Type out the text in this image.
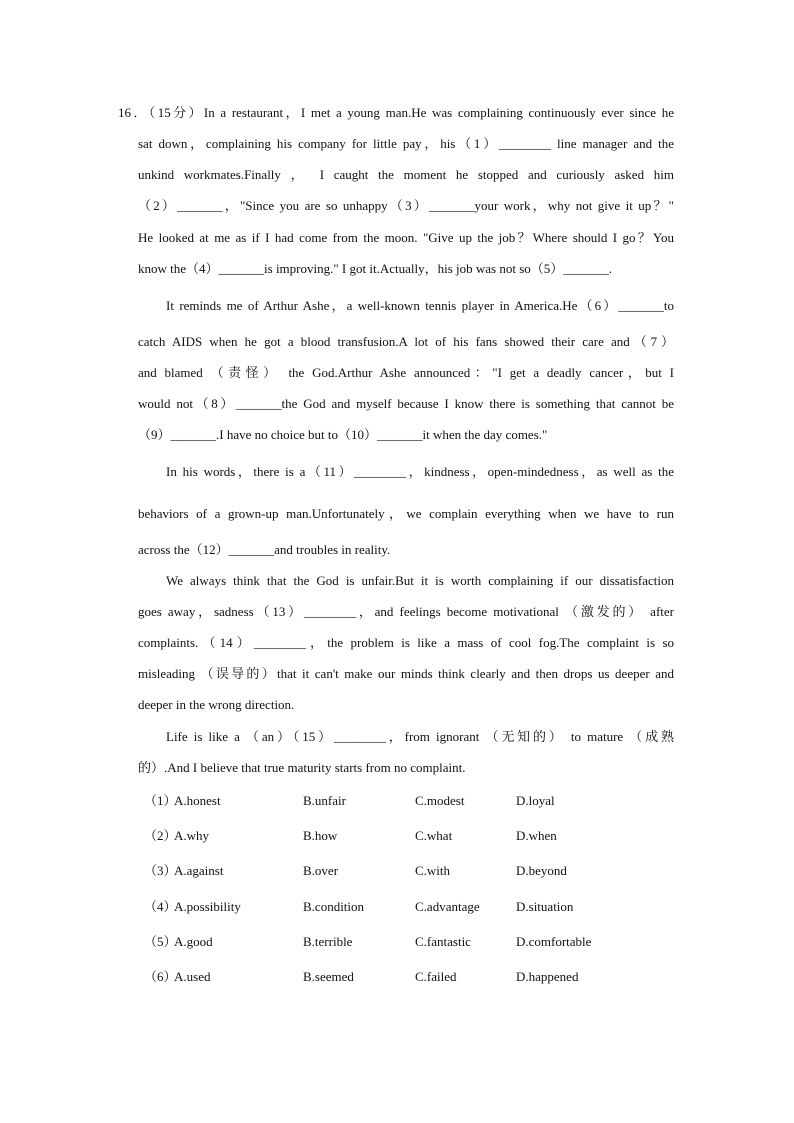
16．（15分）In a restaurant，I met a young man.He was complaining continuously ever since he
sat down，complaining his company for little pay，his（1）________ line manager and the
unkind workmates.Finally ， I caught the moment he stopped and curiously asked him
（2）_______，"Since you are so unhappy（3）_______your work，why not give it up？"
He looked at me as if I had come from the moon. "Give up the job？Where should I go？You
know the（4）_______is improving." I got it.Actually，his job was not so（5）_______.
It reminds me of Arthur Ashe，a well-known tennis player in America.He（6）_______to
catch AIDS when he got a blood transfusion.A lot of his fans showed their care and（7）
and blamed （责怪） the God.Arthur Ashe announced："I get a deadly cancer，but I
would not（8）_______the God and myself because I know there is something that cannot be
（9）_______.I have no choice but to（10）_______it when the day comes."
In his words，there is a（11）________，kindness，open-mindedness，as well as the
behaviors of a grown-up man.Unfortunately，we complain everything when we have to run
across the（12）_______and troubles in reality.
We always think that the God is unfair.But it is worth complaining if our dissatisfaction
goes away，sadness（13）________，and feelings become motivational （激发的） after
complaints.（14）________，the problem is like a mass of cool fog.The complaint is so
misleading （误导的）that it can't make our minds think clearly and then drops us deeper and
deeper in the wrong direction.
Life is like a （an）（15）________，from ignorant （无知的） to mature （成熟
的）.And I believe that true maturity starts from no complaint.
（1）
A.honest	B.unfair	C.modest	D.loyal
（2）
A.why	B.how	C.what	D.when
（3）
A.against	B.over	C.with	D.beyond
（4）
A.possibility	B.condition	C.advantage	D.situation
（5）
A.good	B.terrible	C.fantastic	D.comfortable
（6）
A.used	B.seemed	C.failed	D.happened
